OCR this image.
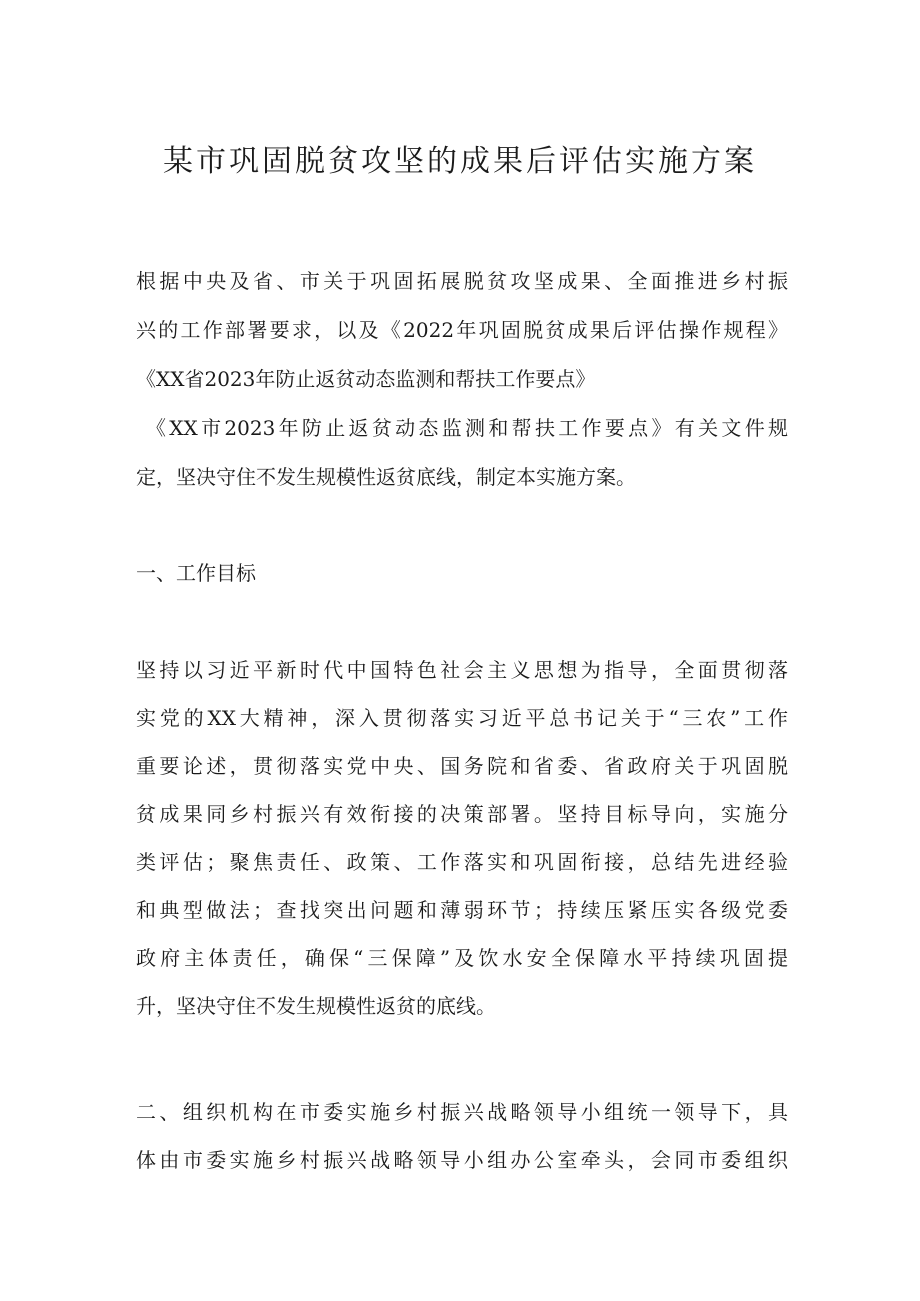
某市巩固脱贫攻坚的成果后评估实施方案
根据中央及省、市关于巩固拓展脱贫攻坚成果、全面推进乡村振
兴的工作部署要求，以及《2022年巩固脱贫成果后评估操作规程》
《XX省2023年防止返贫动态监测和帮扶工作要点》
《XX市2023年防止返贫动态监测和帮扶工作要点》有关文件规
定，坚决守住不发生规模性返贫底线，制定本实施方案。
一、工作目标
坚持以习近平新时代中国特色社会主义思想为指导，全面贯彻落
实党的XX大精神，深入贯彻落实习近平总书记关于“三农”工作
重要论述，贯彻落实党中央、国务院和省委、省政府关于巩固脱
贫成果同乡村振兴有效衔接的决策部署。坚持目标导向，实施分
类评估；聚焦责任、政策、工作落实和巩固衔接，总结先进经验
和典型做法；查找突出问题和薄弱环节；持续压紧压实各级党委
政府主体责任，确保“三保障”及饮水安全保障水平持续巩固提
升，坚决守住不发生规模性返贫的底线。
二、组织机构在市委实施乡村振兴战略领导小组统一领导下，具
体由市委实施乡村振兴战略领导小组办公室牵头，会同市委组织
